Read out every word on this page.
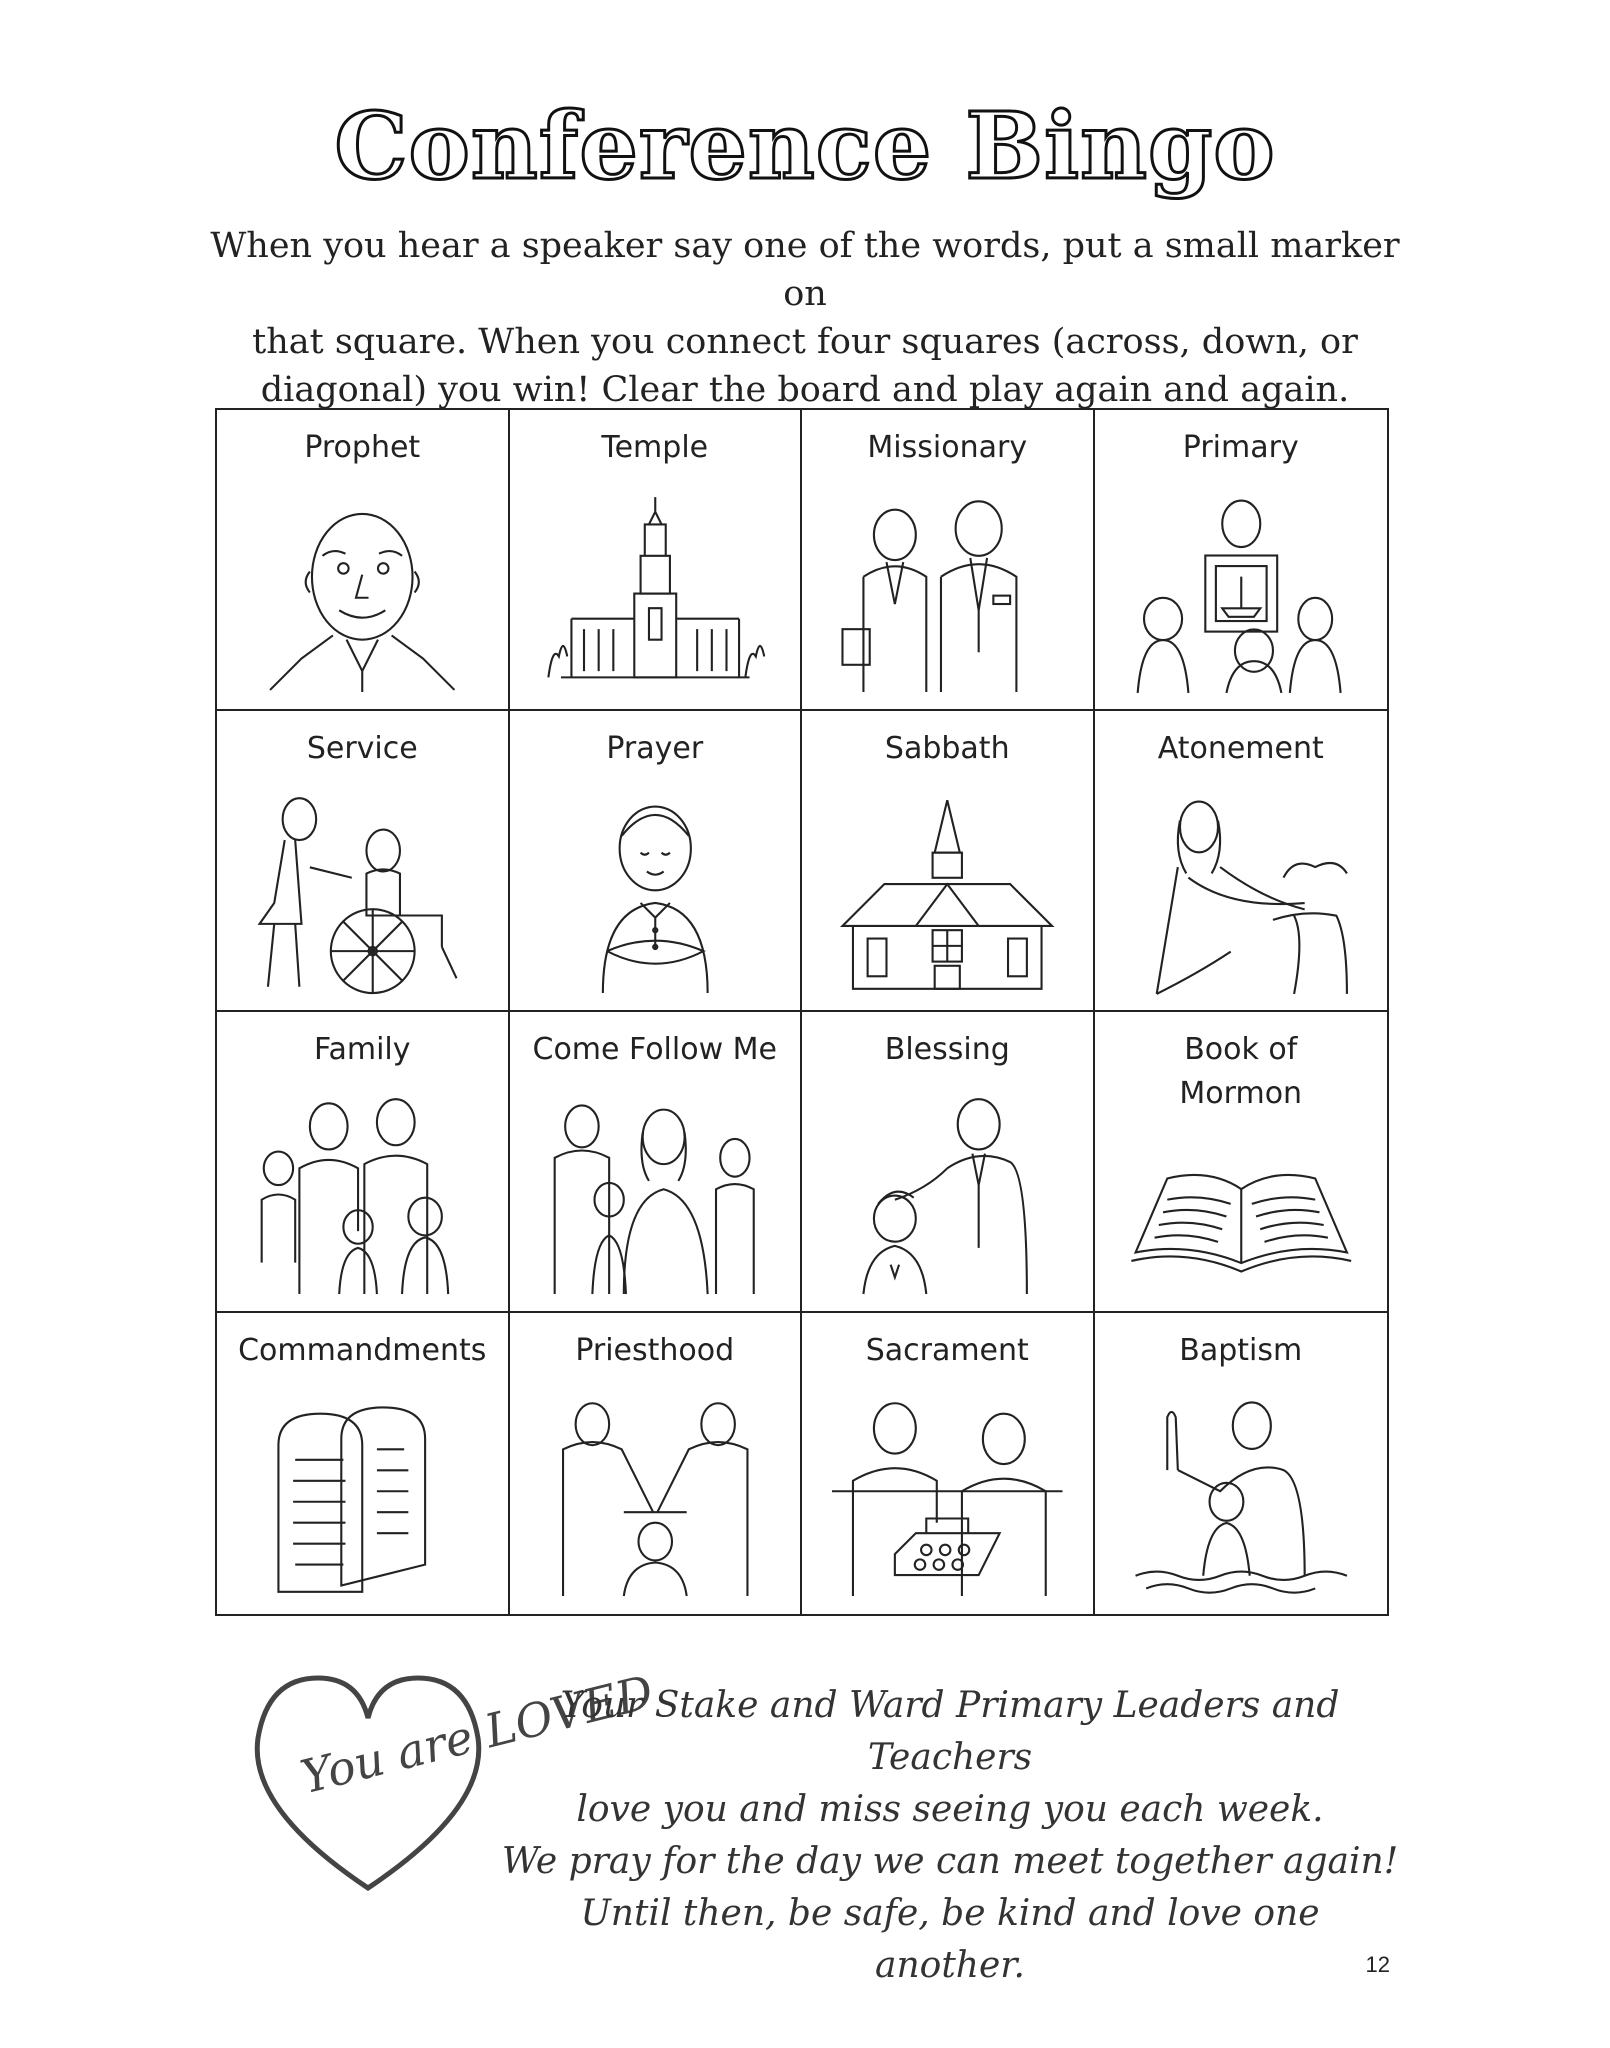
Conference Bingo
When you hear a speaker say one of the words, put a small marker on
that square. When you connect four squares (across, down, or
diagonal) you win! Clear the board and play again and again.
Prophet	Temple	Missionary	Primary
Service	Prayer	Sabbath	Atonement
Family	Come Follow Me	Blessing	Book of Mormon
Commandments	Priesthood	Sacrament	Baptism
You are LOVED
Your Stake and Ward Primary Leaders and Teachers
love you and miss seeing you each week.
We pray for the day we can meet together again!
Until then, be safe, be kind and love one another.	12
